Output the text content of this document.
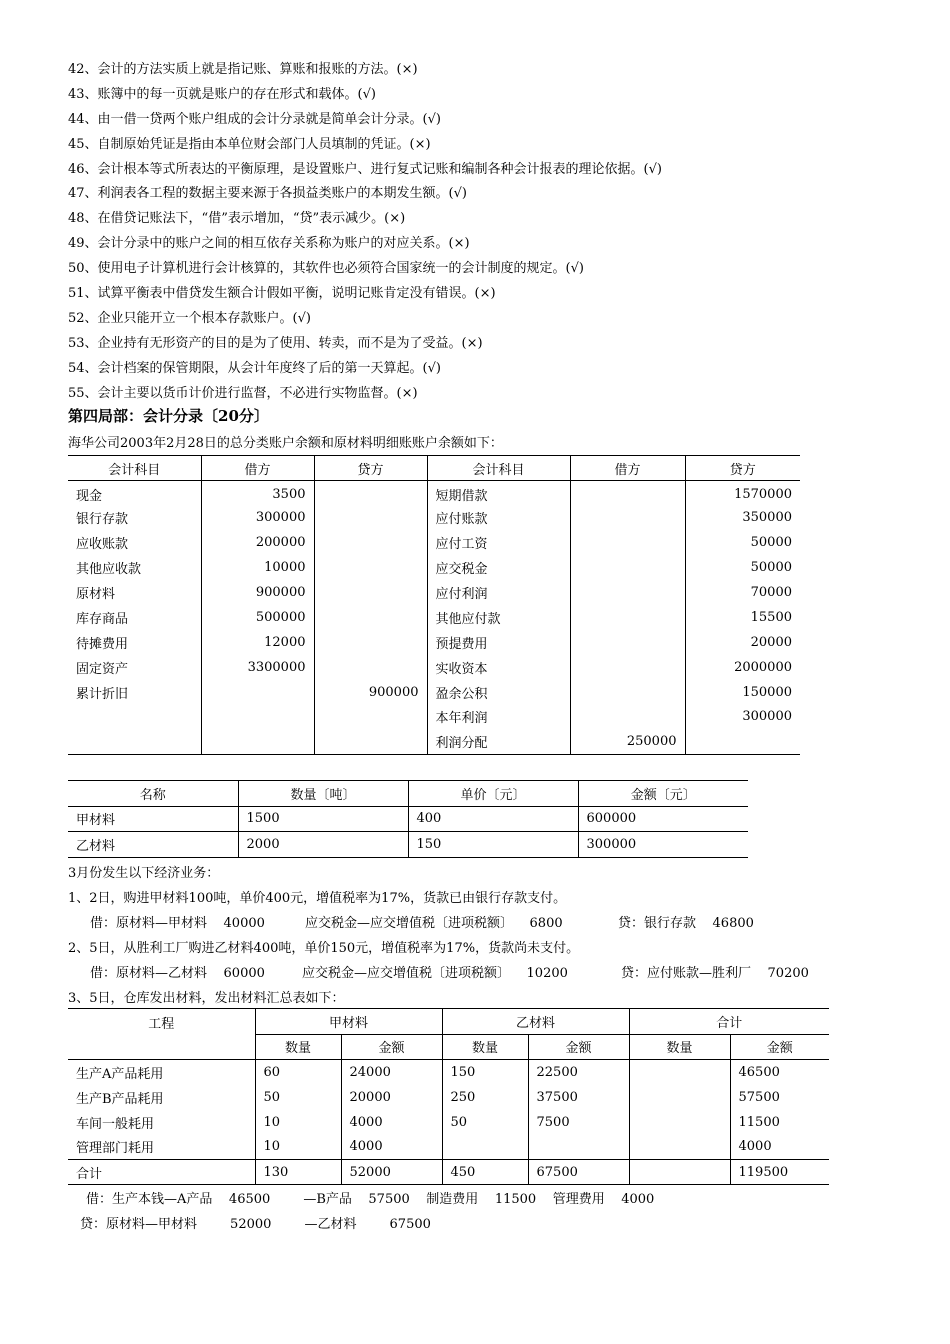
42、会计的方法实质上就是指记账、算账和报账的方法。(×)
43、账簿中的每一页就是账户的存在形式和载体。(√)
44、由一借一贷两个账户组成的会计分录就是简单会计分录。(√)
45、自制原始凭证是指由本单位财会部门人员填制的凭证。(×)
46、会计根本等式所表达的平衡原理，是设置账户、进行复式记账和编制各种会计报表的理论依据。(√)
47、利润表各工程的数据主要来源于各损益类账户的本期发生额。(√)
48、在借贷记账法下，“借”表示增加，“贷”表示减少。(×)
49、会计分录中的账户之间的相互依存关系称为账户的对应关系。(×)
50、使用电子计算机进行会计核算的，其软件也必须符合国家统一的会计制度的规定。(√)
51、试算平衡表中借贷发生额合计假如平衡，说明记账肯定没有错误。(×)
52、企业只能开立一个根本存款账户。(√)
53、企业持有无形资产的目的是为了使用、转卖，而不是为了受益。(×)
54、会计档案的保管期限，从会计年度终了后的第一天算起。(√)
55、会计主要以货币计价进行监督，不必进行实物监督。(×)
第四局部：会计分录〔20分〕
海华公司2003年2月28日的总分类账户余额和原材料明细账账户余额如下：
会计科目	借方	贷方	会计科目	借方	贷方
现金	3500		短期借款		1570000
银行存款	300000		应付账款		350000
应收账款	200000		应付工资		50000
其他应收款	10000		应交税金		50000
原材料	900000		应付利润		70000
库存商品	500000		其他应付款		15500
待摊费用	12000		预提费用		20000
固定资产	3300000		实收资本		2000000
累计折旧		900000	盈余公积		150000
			本年利润		300000
			利润分配	250000	
名称	数量〔吨〕	单价〔元〕	金额〔元〕
甲材料	1500	400	600000
乙材料	2000	150	300000
3月份发生以下经济业务：
1、2日，购进甲材料100吨，单价400元，增值税率为17%，货款已由银行存款支付。
借：原材料—甲材料    40000	应交税金—应交增值税〔进项税额〕    6800	贷：银行存款    46800
2、5日，从胜利工厂购进乙材料400吨，单价150元，增值税率为17%，货款尚未支付。
借：原材料—乙材料    60000	应交税金—应交增值税〔进项税额〕    10200	贷：应付账款—胜利厂    70200
3、5日，仓库发出材料，发出材料汇总表如下：
工程	甲材料		乙材料		合计	
	数量	金额	数量	金额	数量	金额
生产A产品耗用	60	24000	150	22500		46500
生产B产品耗用	50	20000	250	37500		57500
车间一般耗用	10	4000	50	7500		11500
管理部门耗用	10	4000				4000
合计	130	52000	450	67500		119500
借：生产本钱—A产品    46500        —B产品    57500    制造费用    11500    管理费用    4000
贷：原材料—甲材料        52000        —乙材料        67500
